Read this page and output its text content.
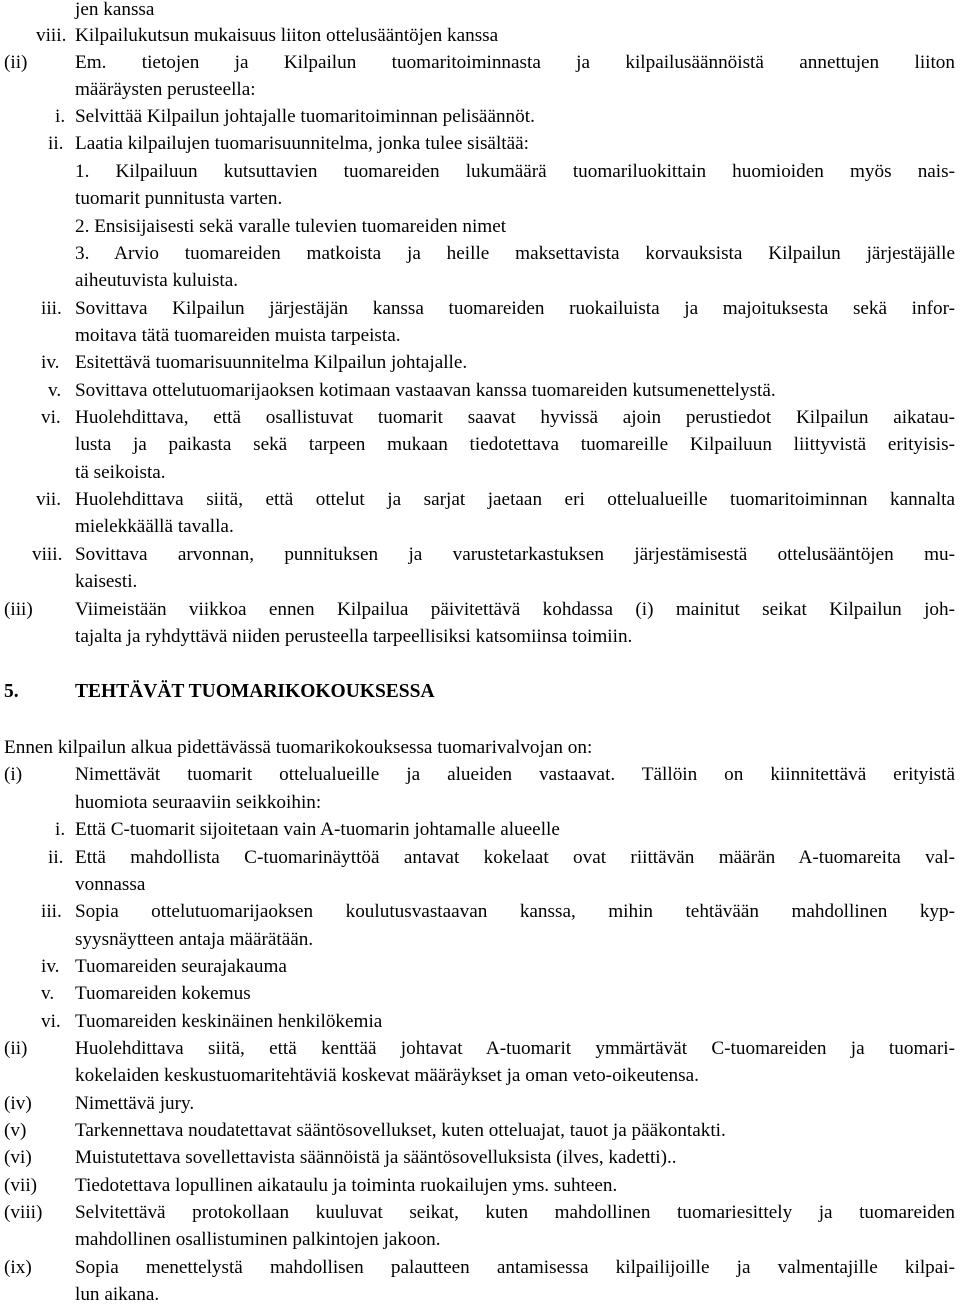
jen kanssa
viii. Kilpailukutsun mukaisuus liiton ottelusääntöjen kanssa
(ii) Em. tietojen ja Kilpailun tuomaritoiminnasta ja kilpailusäännöistä annettujen liiton
määräysten perusteella:
i. Selvittää Kilpailun johtajalle tuomaritoiminnan pelisäännöt.
ii. Laatia kilpailujen tuomarisuunnitelma, jonka tulee sisältää:
1. Kilpailuun kutsuttavien tuomareiden lukumäärä tuomariluokittain huomioiden myös nais-
tuomarit punnitusta varten.
2. Ensisijaisesti sekä varalle tulevien tuomareiden nimet
3. Arvio tuomareiden matkoista ja heille maksettavista korvauksista Kilpailun järjestäjälle
aiheutuvista kuluista.
iii. Sovittava Kilpailun järjestäjän kanssa tuomareiden ruokailuista ja majoituksesta sekä infor-
moitava tätä tuomareiden muista tarpeista.
iv. Esitettävä tuomarisuunnitelma Kilpailun johtajalle.
v. Sovittava ottelutuomarijaoksen kotimaan vastaavan kanssa tuomareiden kutsumenettelystä.
vi. Huolehdittava, että osallistuvat tuomarit saavat hyvissä ajoin perustiedot Kilpailun aikatau-
lusta ja paikasta sekä tarpeen mukaan tiedotettava tuomareille Kilpailuun liittyvistä erityisis-
tä seikoista.
vii. Huolehdittava siitä, että ottelut ja sarjat jaetaan eri ottelualueille tuomaritoiminnan kannalta
mielekkäällä tavalla.
viii. Sovittava arvonnan, punnituksen ja varustetarkastuksen järjestämisestä ottelusääntöjen mu-
kaisesti.
(iii) Viimeistään viikkoa ennen Kilpailua päivitettävä kohdassa (i) mainitut seikat Kilpailun joh-
tajalta ja ryhdyttävä niiden perusteella tarpeellisiksi katsomiinsa toimiin.
5.	TEHTÄVÄT TUOMARIKOKOUKSESSA
Ennen kilpailun alkua pidettävässä tuomarikokouksessa tuomarivalvojan on:
(i)	Nimettävät tuomarit ottelualueille ja alueiden vastaavat. Tällöin on kiinnitettävä erityistä
huomiota seuraaviin seikkoihin:
i. Että C-tuomarit sijoitetaan vain A-tuomarin johtamalle alueelle
ii. Että mahdollista C-tuomarinäyttöä antavat kokelaat ovat riittävän määrän A-tuomareita val-
vonnassa
iii. Sopia ottelutuomarijaoksen koulutusvastaavan kanssa, mihin tehtävään mahdollinen kyp-
syysnäytteen antaja määrätään.
iv. Tuomareiden seurajakauma
v. Tuomareiden kokemus
vi. Tuomareiden keskinäinen henkilökemia
(ii) Huolehdittava siitä, että kenttää johtavat A-tuomarit ymmärtävät C-tuomareiden ja tuomari-
kokelaiden keskustuomaritehtäviä koskevat määräykset ja oman veto-oikeutensa.
(iv) Nimettävä jury.
(v)	Tarkennettava noudatettavat sääntösovellukset, kuten otteluajat, tauot ja pääkontakti.
(vi) Muistutettava sovellettavista säännöistä ja sääntösovelluksista (ilves, kadetti)..
(vii) Tiedotettava lopullinen aikataulu ja toiminta ruokailujen yms. suhteen.
(viii) Selvitettävä protokollaan kuuluvat seikat, kuten mahdollinen tuomariesittely ja tuomareiden
mahdollinen osallistuminen palkintojen jakoon.
(ix) Sopia menettelystä mahdollisen palautteen antamisessa kilpailijoille ja valmentajille kilpai-
lun aikana.
